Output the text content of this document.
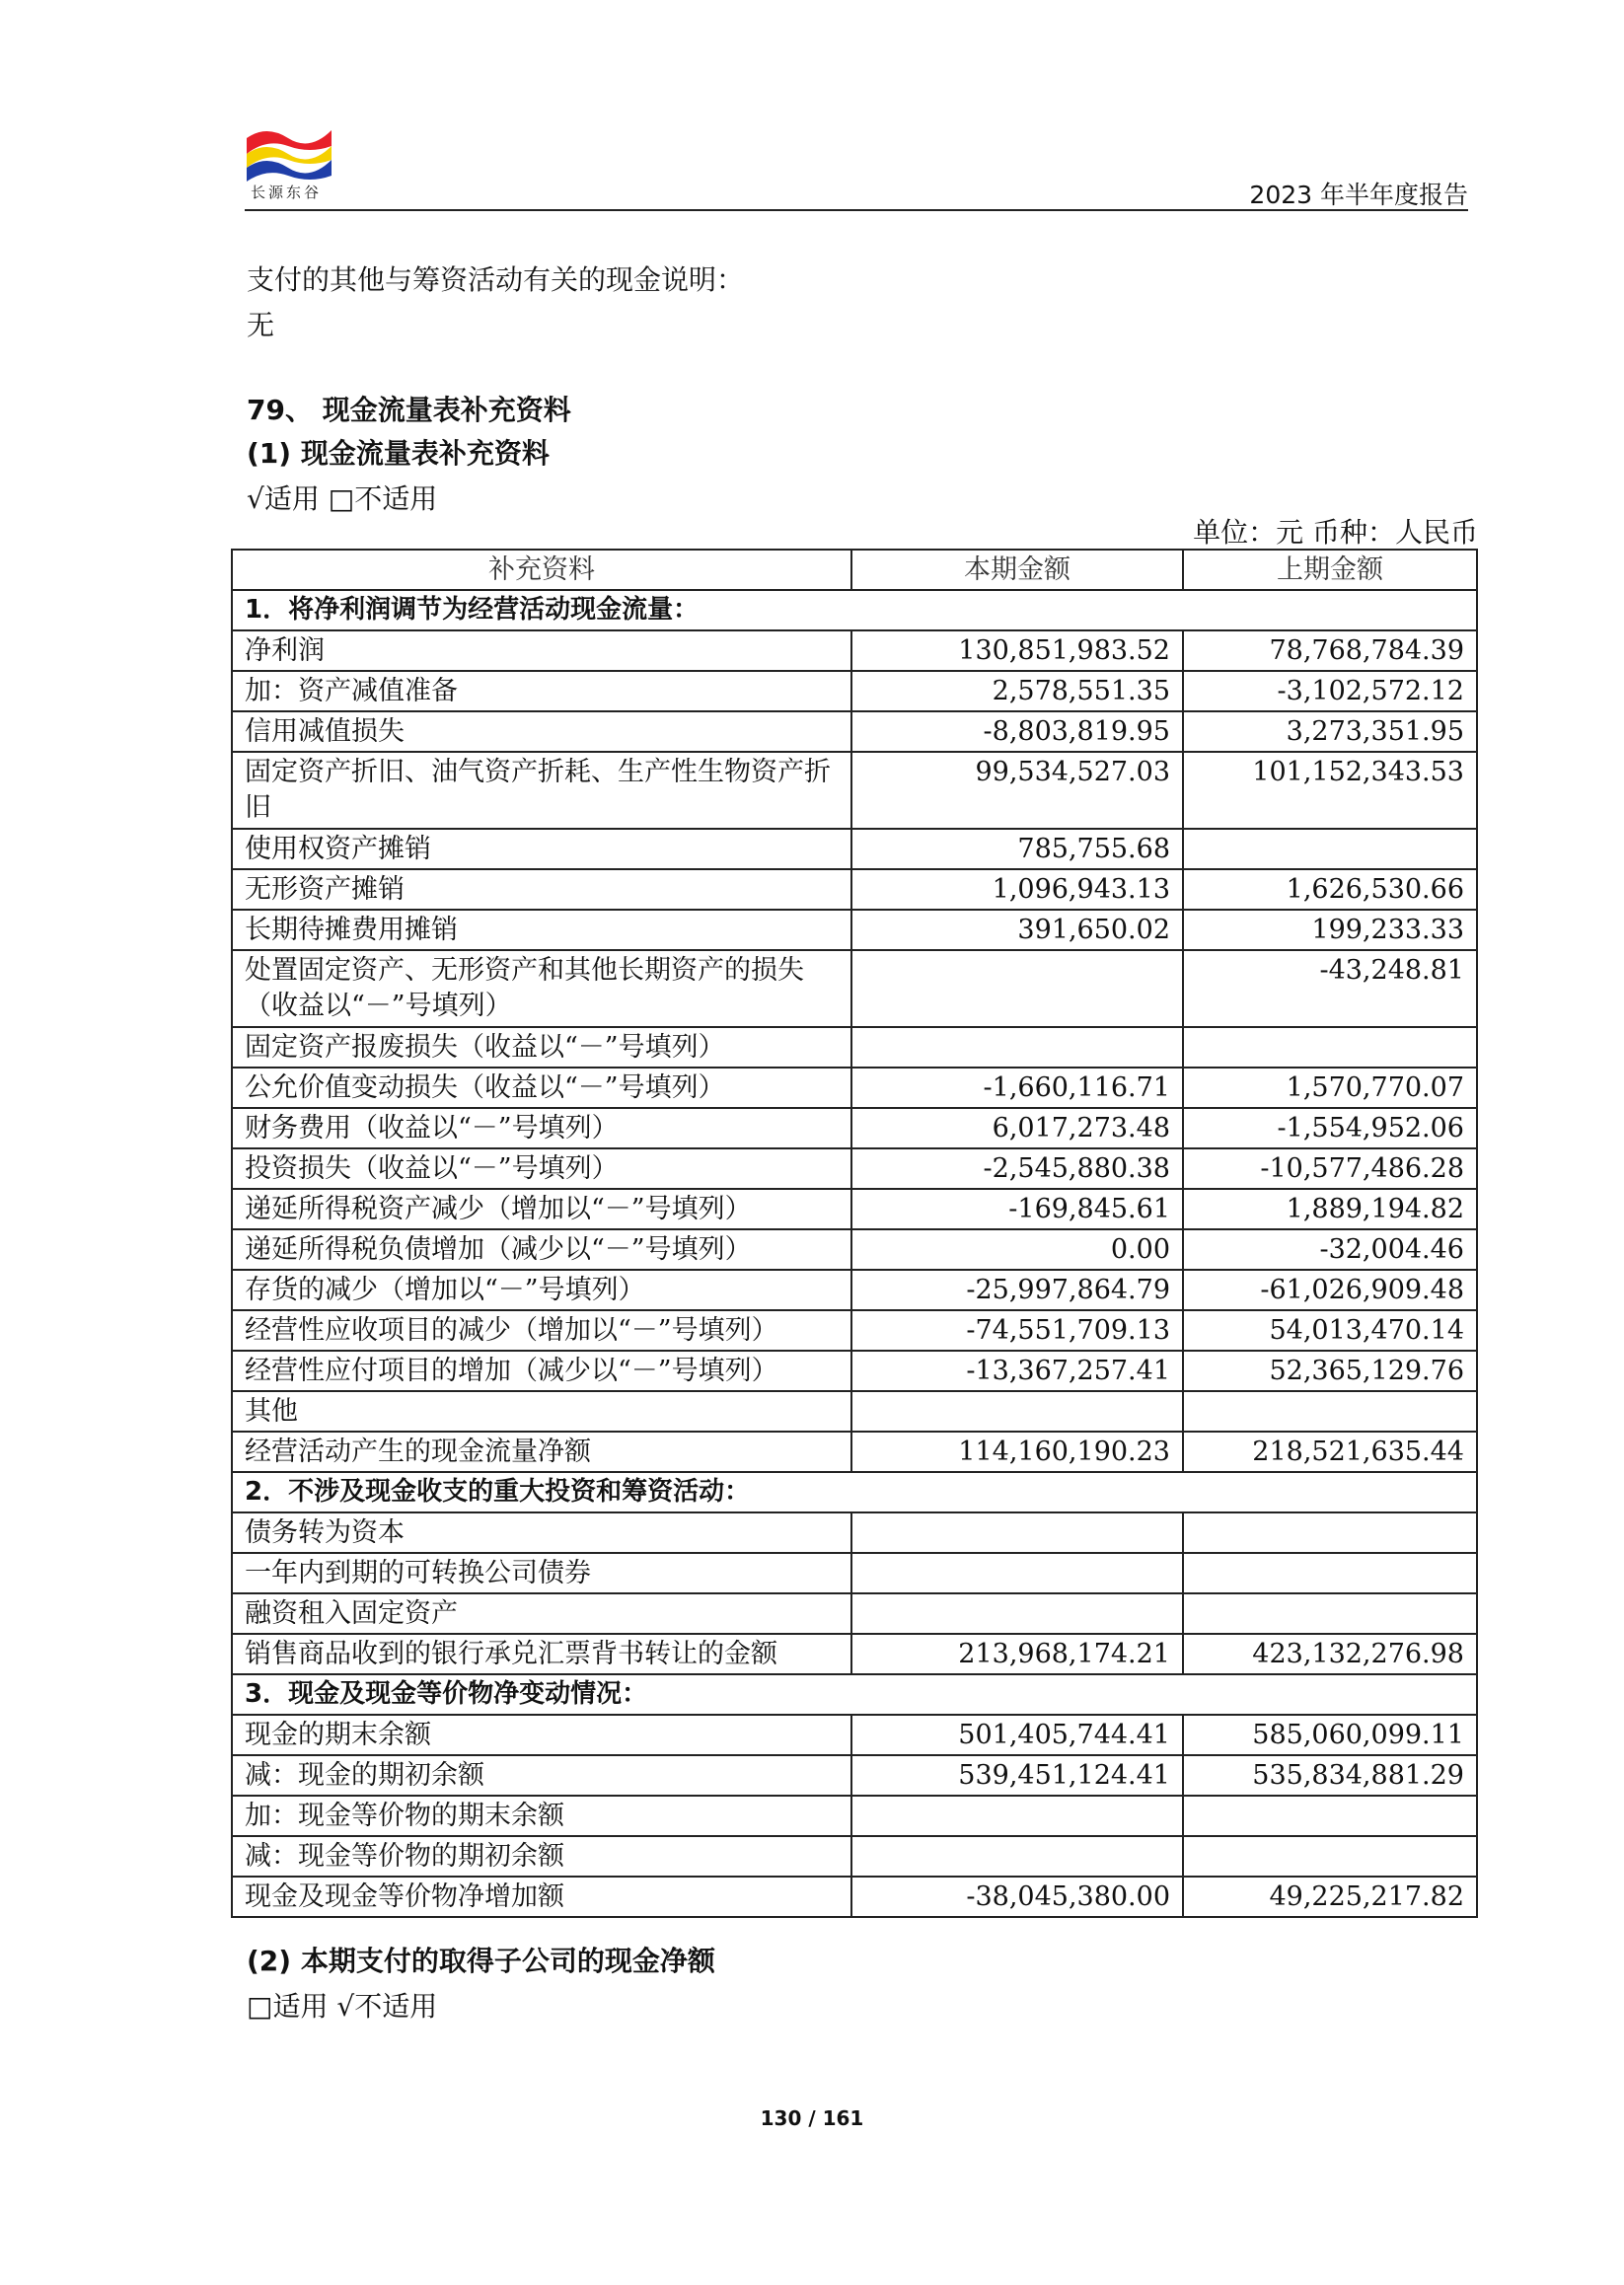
长源东谷	2023 年半年度报告
支付的其他与筹资活动有关的现金说明：
无
79、 现金流量表补充资料
(1) 现金流量表补充资料
√适用 □不适用
单位：元 币种：人民币
补充资料	本期金额	上期金额
1．将净利润调节为经营活动现金流量：		
净利润	130,851,983.52	78,768,784.39
加：资产减值准备	2,578,551.35	-3,102,572.12
信用减值损失	-8,803,819.95	3,273,351.95
固定资产折旧、油气资产折耗、生产性生物资产折旧	99,534,527.03	101,152,343.53
使用权资产摊销	785,755.68	
无形资产摊销	1,096,943.13	1,626,530.66
长期待摊费用摊销	391,650.02	199,233.33
处置固定资产、无形资产和其他长期资产的损失（收益以“－”号填列）		-43,248.81
固定资产报废损失（收益以“－”号填列）		
公允价值变动损失（收益以“－”号填列）	-1,660,116.71	1,570,770.07
财务费用（收益以“－”号填列）	6,017,273.48	-1,554,952.06
投资损失（收益以“－”号填列）	-2,545,880.38	-10,577,486.28
递延所得税资产减少（增加以“－”号填列）	-169,845.61	1,889,194.82
递延所得税负债增加（减少以“－”号填列）	0.00	-32,004.46
存货的减少（增加以“－”号填列）	-25,997,864.79	-61,026,909.48
经营性应收项目的减少（增加以“－”号填列）	-74,551,709.13	54,013,470.14
经营性应付项目的增加（减少以“－”号填列）	-13,367,257.41	52,365,129.76
其他		
经营活动产生的现金流量净额	114,160,190.23	218,521,635.44
2．不涉及现金收支的重大投资和筹资活动：		
债务转为资本		
一年内到期的可转换公司债券		
融资租入固定资产		
销售商品收到的银行承兑汇票背书转让的金额	213,968,174.21	423,132,276.98
3．现金及现金等价物净变动情况：		
现金的期末余额	501,405,744.41	585,060,099.11
减：现金的期初余额	539,451,124.41	535,834,881.29
加：现金等价物的期末余额		
减：现金等价物的期初余额		
现金及现金等价物净增加额	-38,045,380.00	49,225,217.82
(2) 本期支付的取得子公司的现金净额
□适用 √不适用
130 / 161
